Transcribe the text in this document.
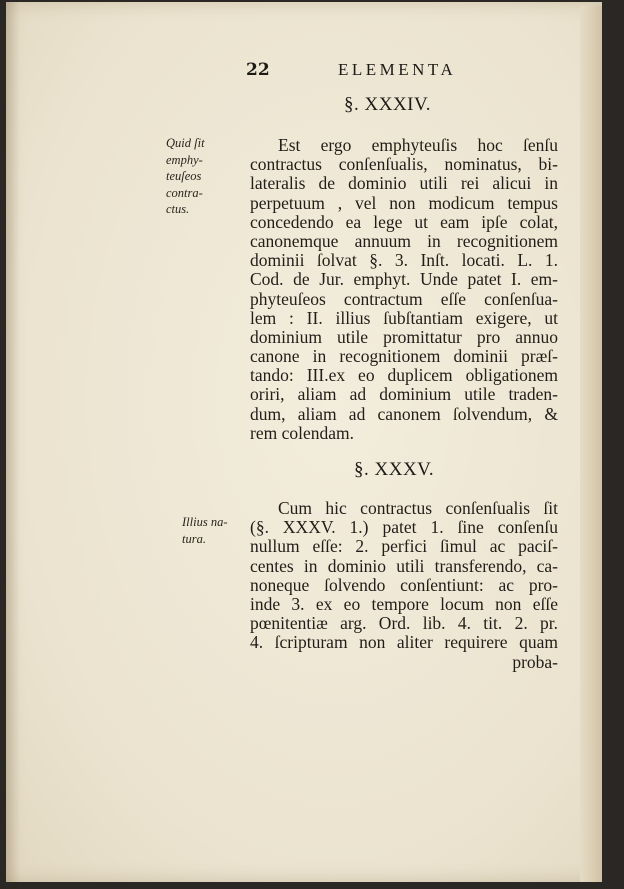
22	ELEMENTA
§. XXXIV.
Quid ſit
emphy-
teuſeos
contra-
ctus.
Est ergo emphyteuſis hoc ſenſu
contractus conſenſualis, nominatus, bi-
lateralis de dominio utili rei alicui in
perpetuum , vel non modicum tempus
concedendo ea lege ut eam ipſe colat,
canonemque annuum in recognitionem
dominii ſolvat §. 3. Inſt. locati. L. 1.
Cod. de Jur. emphyt. Unde patet I. em-
phyteuſeos contractum eſſe conſenſua-
lem : II. illius ſubſtantiam exigere, ut
dominium utile promittatur pro annuo
canone in recognitionem dominii præſ-
tando: III.ex eo duplicem obligationem
oriri, aliam ad dominium utile traden-
dum, aliam ad canonem ſolvendum, &
rem colendam.
§. XXXV.
Illius na-
tura.
Cum hic contractus conſenſualis ſit
(§. XXXV. 1.) patet 1. ſine conſenſu
nullum eſſe: 2. perfici ſimul ac paciſ-
centes in dominio utili transferendo, ca-
noneque ſolvendo conſentiunt: ac pro-
inde 3. ex eo tempore locum non eſſe
pœnitentiæ arg. Ord. lib. 4. tit. 2. pr.
4. ſcripturam non aliter requirere quam
proba-
